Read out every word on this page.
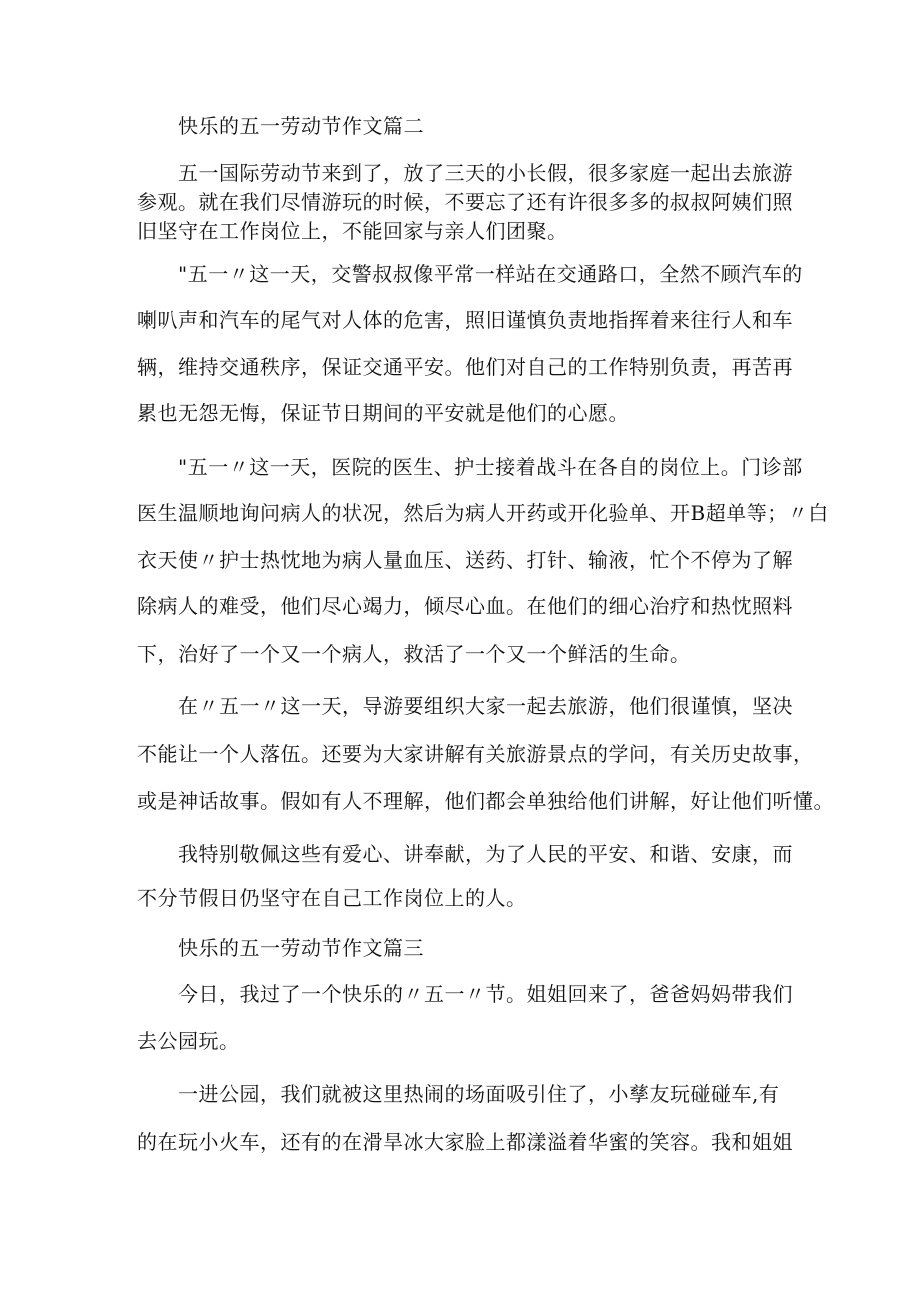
快乐的五一劳动节作文篇二

五一国际劳动节来到了，放了三天的小长假，很多家庭一起出去旅游

参观。就在我们尽情游玩的时候，不要忘了还有许很多多的叔叔阿姨们照

旧坚守在工作岗位上，不能回家与亲人们团聚。

"五一〃这一天，交警叔叔像平常一样站在交通路口，全然不顾汽车的

喇叭声和汽车的尾气对人体的危害，照旧谨慎负责地指挥着来往行人和车

辆，维持交通秩序，保证交通平安。他们对自己的工作特别负责，再苦再

累也无怨无悔，保证节日期间的平安就是他们的心愿。

"五一〃这一天，医院的医生、护士接着战斗在各自的岗位上。门诊部

医生温顺地询问病人的状况，然后为病人开药或开化验单、开B超单等；〃白

衣天使〃护士热忱地为病人量血压、送药、打针、输液，忙个不停为了解

除病人的难受，他们尽心竭力，倾尽心血。在他们的细心治疗和热忱照料

下，治好了一个又一个病人，救活了一个又一个鲜活的生命。

在〃五一〃这一天，导游要组织大家一起去旅游，他们很谨慎，坚决

不能让一个人落伍。还要为大家讲解有关旅游景点的学问，有关历史故事，

或是神话故事。假如有人不理解，他们都会单独给他们讲解，好让他们听懂。

我特别敬佩这些有爱心、讲奉献，为了人民的平安、和谐、安康，而

不分节假日仍坚守在自己工作岗位上的人。

快乐的五一劳动节作文篇三

今日，我过了一个快乐的〃五一〃节。姐姐回来了，爸爸妈妈带我们

去公园玩。

一进公园，我们就被这里热闹的场面吸引住了，小孳友玩碰碰车,有

的在玩小火车，还有的在滑旱冰大家脸上都漾溢着华蜜的笑容。我和姐姐
